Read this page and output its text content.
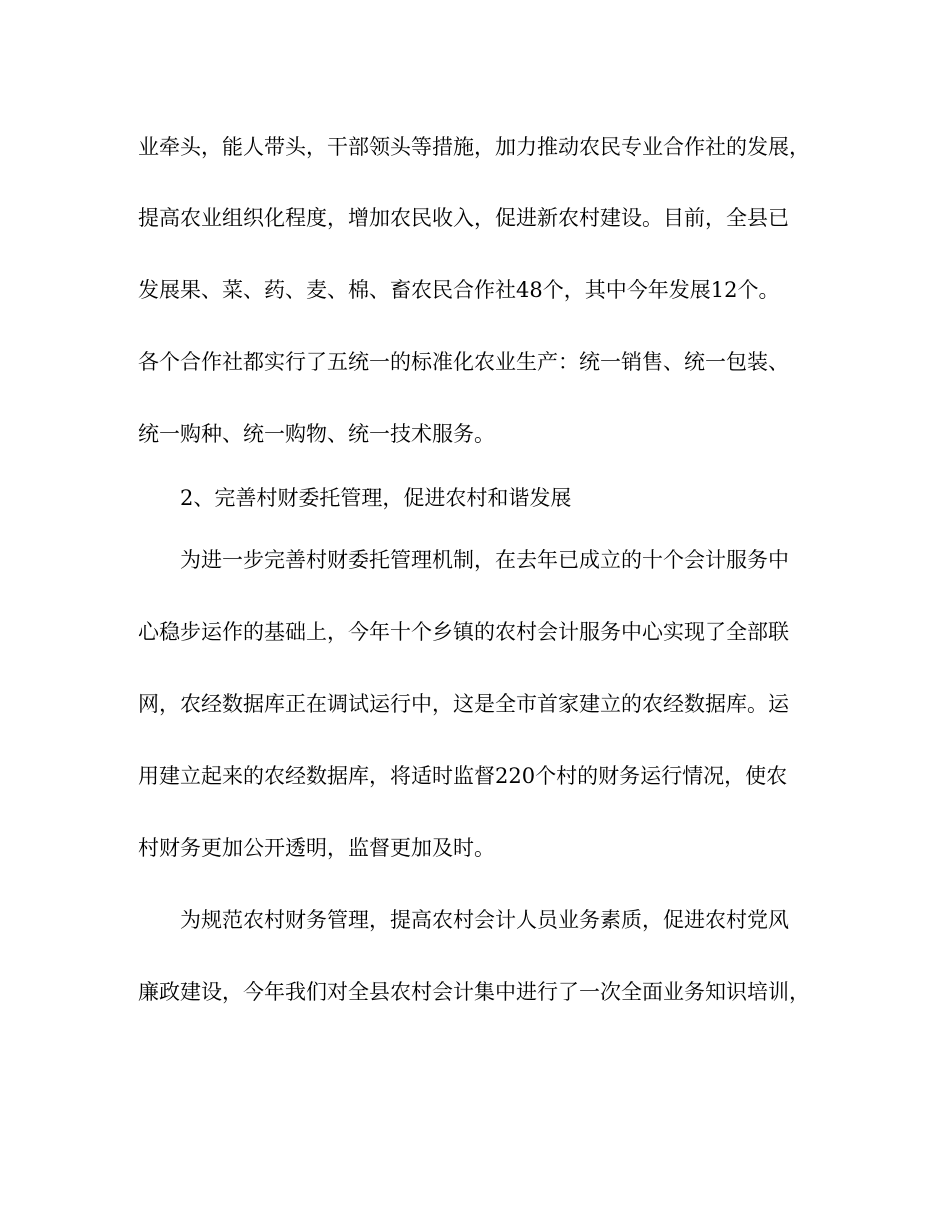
业牵头，能人带头，干部领头等措施，加力推动农民专业合作社的发展，

提高农业组织化程度，增加农民收入，促进新农村建设。目前，全县已

发展果、菜、药、麦、棉、畜农民合作社48个，其中今年发展12个。

各个合作社都实行了五统一的标准化农业生产：统一销售、统一包装、

统一购种、统一购物、统一技术服务。

2、完善村财委托管理，促进农村和谐发展

为进一步完善村财委托管理机制，在去年已成立的十个会计服务中

心稳步运作的基础上，今年十个乡镇的农村会计服务中心实现了全部联

网，农经数据库正在调试运行中，这是全市首家建立的农经数据库。运

用建立起来的农经数据库，将适时监督220个村的财务运行情况，使农

村财务更加公开透明，监督更加及时。

为规范农村财务管理，提高农村会计人员业务素质，促进农村党风

廉政建设，今年我们对全县农村会计集中进行了一次全面业务知识培训，
